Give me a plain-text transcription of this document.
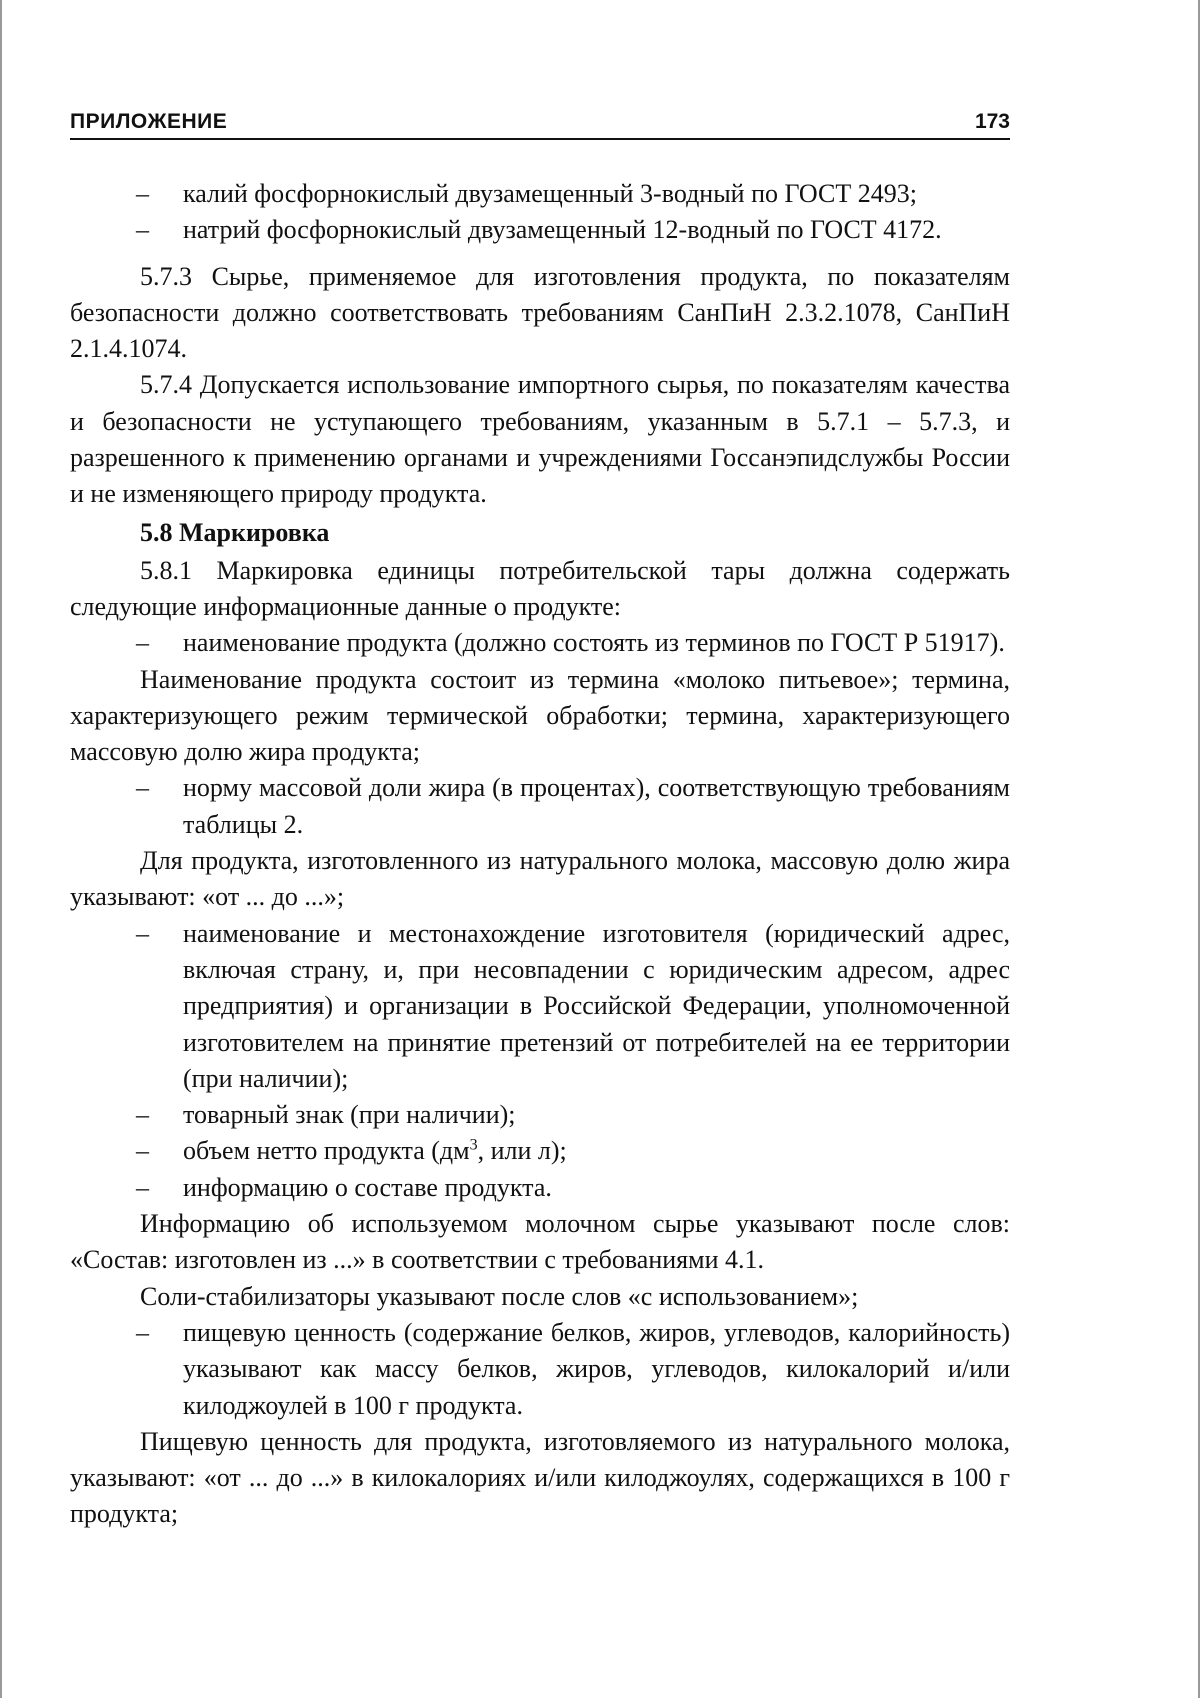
ПРИЛОЖЕНИЕ	173
– калий фосфорнокислый двузамещенный 3-водный по ГОСТ 2493;
– натрий фосфорнокислый двузамещенный 12-водный по ГОСТ 4172.

5.7.3 Сырье, применяемое для изготовления продукта, по показателям безопасности должно соответствовать требованиям СанПиН 2.3.2.1078, СанПиН 2.1.4.1074.

5.7.4 Допускается использование импортного сырья, по показателям качества и безопасности не уступающего требованиям, указанным в 5.7.1 – 5.7.3, и разрешенного к применению органами и учреждениями Госсанэпидслужбы России и не изменяющего природу продукта.

5.8 Маркировка

5.8.1 Маркировка единицы потребительской тары должна содержать следующие информационные данные о продукте:

– наименование продукта (должно состоять из терминов по ГОСТ Р 51917).

Наименование продукта состоит из термина «молоко питьевое»; термина, характеризующего режим термической обработки; термина, характеризующего массовую долю жира продукта;

– норму массовой доли жира (в процентах), соответствующую требованиям таблицы 2.

Для продукта, изготовленного из натурального молока, массовую долю жира указывают: «от ... до ...»;

– наименование и местонахождение изготовителя (юридический адрес, включая страну, и, при несовпадении с юридическим адресом, адрес предприятия) и организации в Российской Федерации, уполномоченной изготовителем на принятие претензий от потребителей на ее территории (при наличии);
– товарный знак (при наличии);
– объем нетто продукта ($дм^3$, или л);
– информацию о составе продукта.

Информацию об используемом молочном сырье указывают после слов: «Состав: изготовлен из ...» в соответствии с требованиями 4.1.

Соли-стабилизаторы указывают после слов «с использованием»;

– пищевую ценность (содержание белков, жиров, углеводов, калорийность) указывают как массу белков, жиров, углеводов, килокалорий и/или килоджоулей в 100 г продукта.

Пищевую ценность для продукта, изготовляемого из натурального молока, указывают: «от ... до ...» в килокалориях и/или килоджоулях, содержащихся в 100 г продукта;
